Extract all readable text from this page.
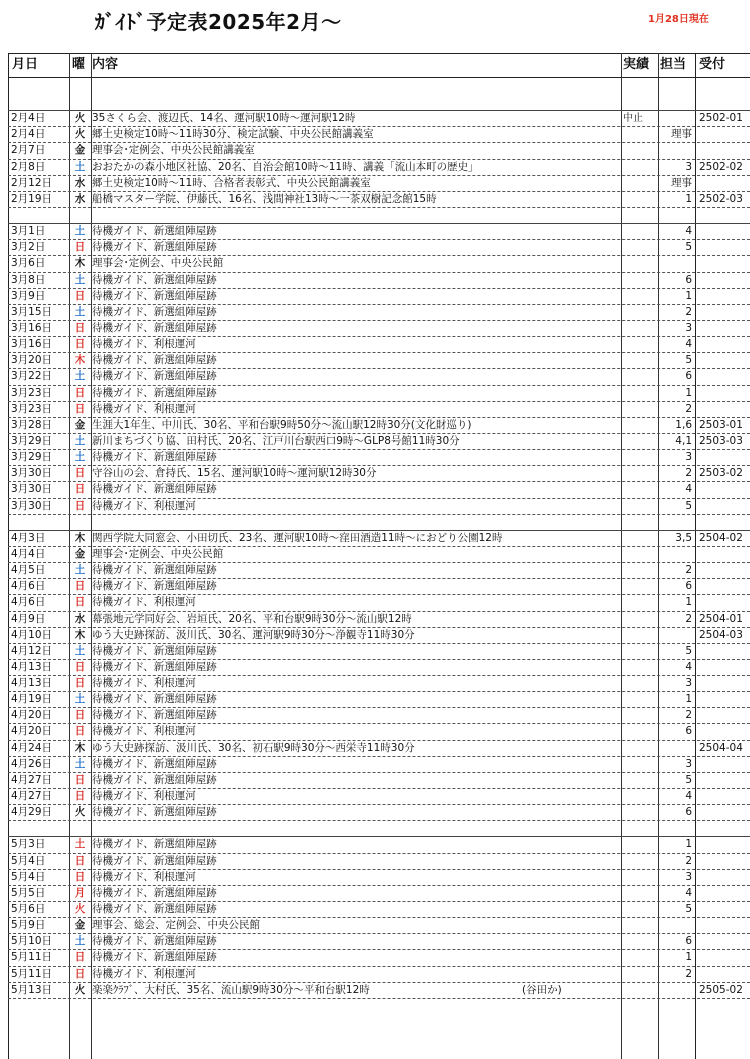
ｶﾞｲﾄﾞ予定表2025年2月～	1月28日現在
月日	曜 内容	実績 担当 受付
2月4日	火 35さくら会、渡辺氏、14名、運河駅10時～運河駅12時	中止	2502-01
2月4日	火 郷土史検定10時～11時30分、検定試験、中央公民館講義室	理事
2月7日	金 理事会･定例会、中央公民館講義室
2月8日	土 おおたかの森小地区社協、20名、自治会館10時～11時、講義「流山本町の歴史」	3 2502-02
2月12日	水 郷土史検定10時～11時、合格者表彰式、中央公民館講義室	理事
2月19日	水 船橋マスター学院、伊藤氏、16名、浅間神社13時～一茶双樹記念館15時	1 2502-03
3月1日	土 待機ガイド、新選組陣屋跡	4
3月2日	日 待機ガイド、新選組陣屋跡	5
3月6日	木 理事会･定例会、中央公民館
3月8日	土 待機ガイド、新選組陣屋跡	6
3月9日	日 待機ガイド、新選組陣屋跡	1
3月15日	土 待機ガイド、新選組陣屋跡	2
3月16日	日 待機ガイド、新選組陣屋跡	3
3月16日	日 待機ガイド、利根運河	4
3月20日	木 待機ガイド、新選組陣屋跡	5
3月22日	土 待機ガイド、新選組陣屋跡	6
3月23日	日 待機ガイド、新選組陣屋跡	1
3月23日	日 待機ガイド、利根運河	2
3月28日	金 生涯大1年生、中川氏、30名、平和台駅9時50分～流山駅12時30分(文化財巡り)	1,6 2503-01
3月29日	土 新川まちづくり協、田村氏、20名、江戸川台駅西口9時～GLP8号館11時30分	4,1 2503-03
3月29日	土 待機ガイド、新選組陣屋跡	3
3月30日	日 守谷山の会、倉持氏、15名、運河駅10時～運河駅12時30分	2 2503-02
3月30日	日 待機ガイド、新選組陣屋跡	4
3月30日	日 待機ガイド、利根運河	5
4月3日	木 関西学院大同窓会、小田切氏、23名、運河駅10時～窪田酒造11時～におどり公園12時	3,5 2504-02
4月4日	金 理事会･定例会、中央公民館
4月5日	土 待機ガイド、新選組陣屋跡	2
4月6日	日 待機ガイド、新選組陣屋跡	6
4月6日	日 待機ガイド、利根運河	1
4月9日	水 幕張地元学同好会、岩垣氏、20名、平和台駅9時30分～流山駅12時	2 2504-01
4月10日	木 ゆう大史跡探訪、汲川氏、30名、運河駅9時30分～浄観寺11時30分	2504-03
4月12日	土 待機ガイド、新選組陣屋跡	5
4月13日	日 待機ガイド、新選組陣屋跡	4
4月13日	日 待機ガイド、利根運河	3
4月19日	土 待機ガイド、新選組陣屋跡	1
4月20日	日 待機ガイド、新選組陣屋跡	2
4月20日	日 待機ガイド、利根運河	6
4月24日	木 ゆう大史跡探訪、汲川氏、30名、初石駅9時30分～西栄寺11時30分	2504-04
4月26日	土 待機ガイド、新選組陣屋跡	3
4月27日	日 待機ガイド、新選組陣屋跡	5
4月27日	日 待機ガイド、利根運河	4
4月29日	火 待機ガイド、新選組陣屋跡	6
5月3日	土 待機ガイド、新選組陣屋跡	1
5月4日	日 待機ガイド、新選組陣屋跡	2
5月4日	日 待機ガイド、利根運河	3
5月5日	月 待機ガイド、新選組陣屋跡	4
5月6日	火 待機ガイド、新選組陣屋跡	5
5月9日	金 理事会、総会、定例会、中央公民館
5月10日	土 待機ガイド、新選組陣屋跡	6
5月11日	日 待機ガイド、新選組陣屋跡	1
5月11日	日 待機ガイド、利根運河	2
5月13日	火 楽楽ｸﾗﾌﾞ、大村氏、35名、流山駅9時30分～平和台駅12時	(谷田か)	2505-02
